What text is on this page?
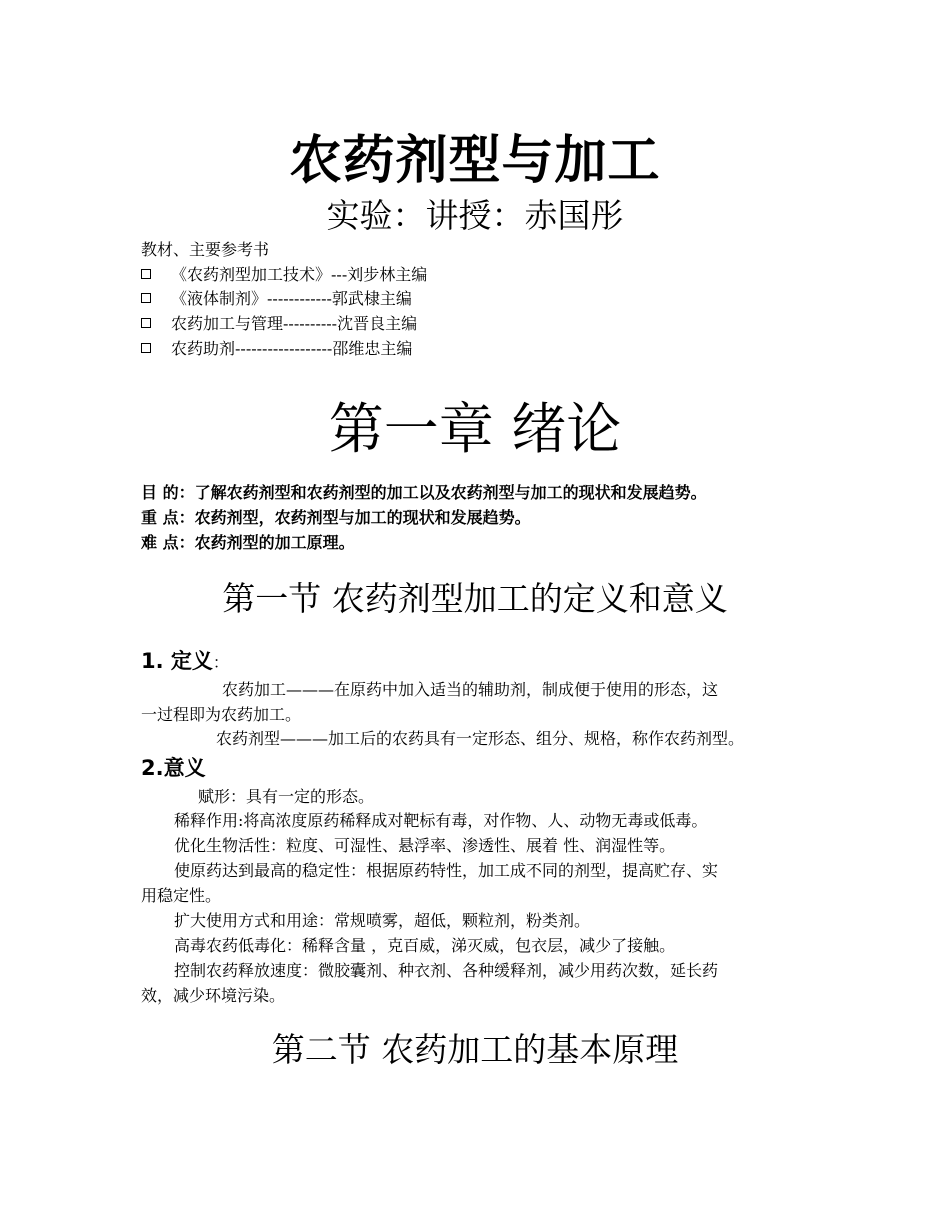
农药剂型与加工
实验：讲授：赤国彤
教材、主要参考书
《农药剂型加工技术》---刘步林主编
《液体制剂》------------郭武棣主编
农药加工与管理----------沈晋良主编
农药助剂------------------邵维忠主编
第一章 绪论
目 的：了解农药剂型和农药剂型的加工以及农药剂型与加工的现状和发展趋势。
重 点：农药剂型，农药剂型与加工的现状和发展趋势。
难 点：农药剂型的加工原理。
第一节 农药剂型加工的定义和意义
1. 定义：
农药加工———在原药中加入适当的辅助剂，制成便于使用的形态，这
一过程即为农药加工。
农药剂型———加工后的农药具有一定形态、组分、规格，称作农药剂型。
2.意义
赋形：具有一定的形态。
稀释作用:将高浓度原药稀释成对靶标有毒，对作物、人、动物无毒或低毒。
优化生物活性：粒度、可湿性、悬浮率、渗透性、展着 性、润湿性等。
使原药达到最高的稳定性：根据原药特性，加工成不同的剂型，提高贮存、实
用稳定性。
扩大使用方式和用途：常规喷雾，超低，颗粒剂，粉类剂。
高毒农药低毒化：稀释含量 ，克百威，涕灭威，包衣层，减少了接触。
控制农药释放速度：微胶囊剂、种衣剂、各种缓释剂，减少用药次数，延长药
效，减少环境污染。
第二节 农药加工的基本原理
